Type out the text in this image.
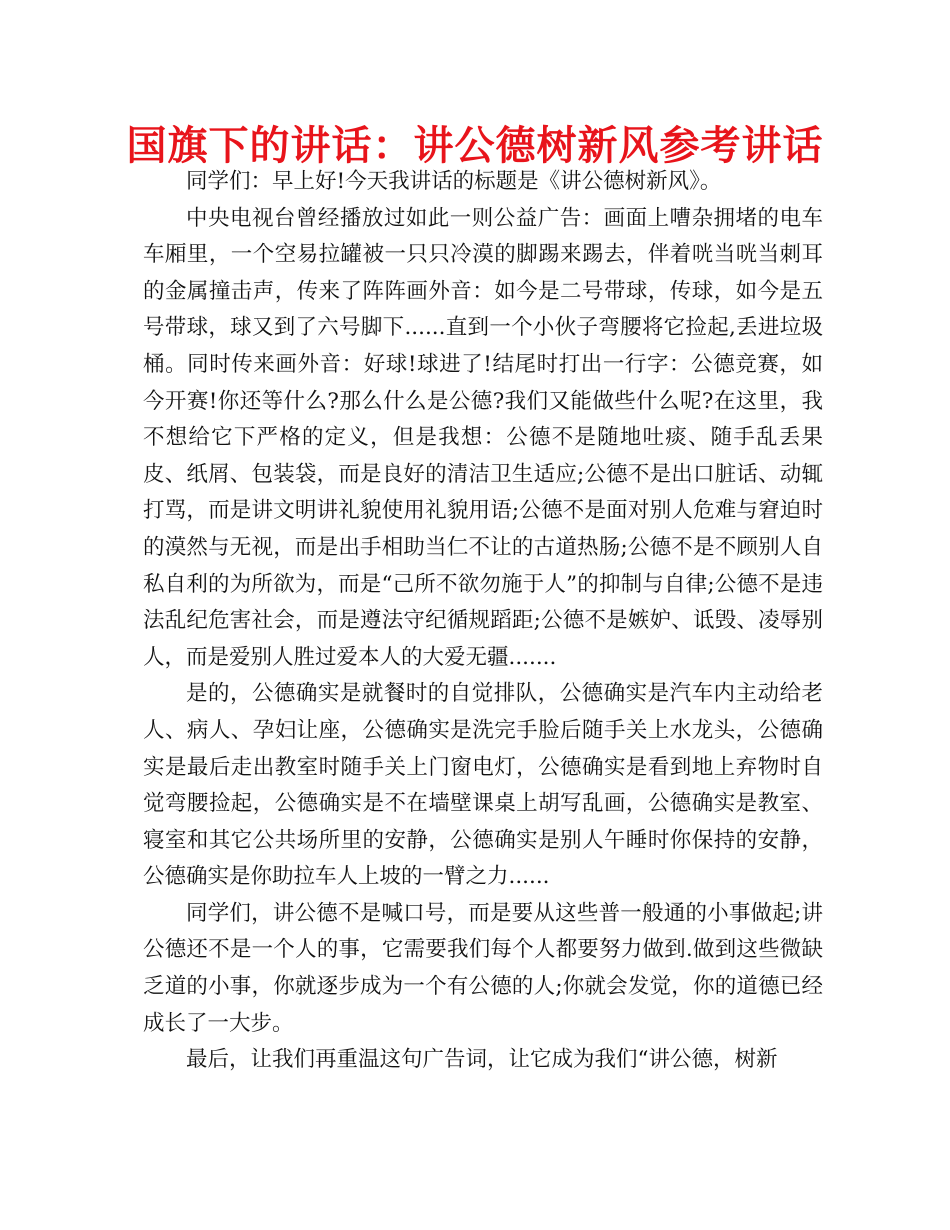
国旗下的讲话：讲公德树新风参考讲话

同学们：早上好!今天我讲话的标题是《讲公德树新风》。

中央电视台曾经播放过如此一则公益广告：画面上嘈杂拥堵的电车车厢里，一个空易拉罐被一只只冷漠的脚踢来踢去，伴着咣当咣当刺耳的金属撞击声，传来了阵阵画外音：如今是二号带球，传球，如今是五号带球，球又到了六号脚下......直到一个小伙子弯腰将它捡起,丢进垃圾桶。同时传来画外音：好球!球进了!结尾时打出一行字：公德竞赛，如今开赛!你还等什么?那么什么是公德?我们又能做些什么呢?在这里，我不想给它下严格的定义，但是我想：公德不是随地吐痰、随手乱丢果皮、纸屑、包装袋，而是良好的清洁卫生适应;公德不是出口脏话、动辄打骂，而是讲文明讲礼貌使用礼貌用语;公德不是面对别人危难与窘迫时的漠然与无视，而是出手相助当仁不让的古道热肠;公德不是不顾别人自私自利的为所欲为，而是“己所不欲勿施于人”的抑制与自律;公德不是违法乱纪危害社会，而是遵法守纪循规蹈距;公德不是嫉妒、诋毁、凌辱别人，而是爱别人胜过爱本人的大爱无疆.......

是的，公德确实是就餐时的自觉排队，公德确实是汽车内主动给老人、病人、孕妇让座，公德确实是洗完手脸后随手关上水龙头，公德确实是最后走出教室时随手关上门窗电灯，公德确实是看到地上弃物时自觉弯腰捡起，公德确实是不在墙壁课桌上胡写乱画，公德确实是教室、寝室和其它公共场所里的安静，公德确实是别人午睡时你保持的安静，公德确实是你助拉车人上坡的一臂之力......

同学们，讲公德不是喊口号，而是要从这些普一般通的小事做起;讲公德还不是一个人的事，它需要我们每个人都要努力做到.做到这些微缺乏道的小事，你就逐步成为一个有公德的人;你就会发觉，你的道德已经成长了一大步。

最后，让我们再重温这句广告词，让它成为我们“讲公德，树新
